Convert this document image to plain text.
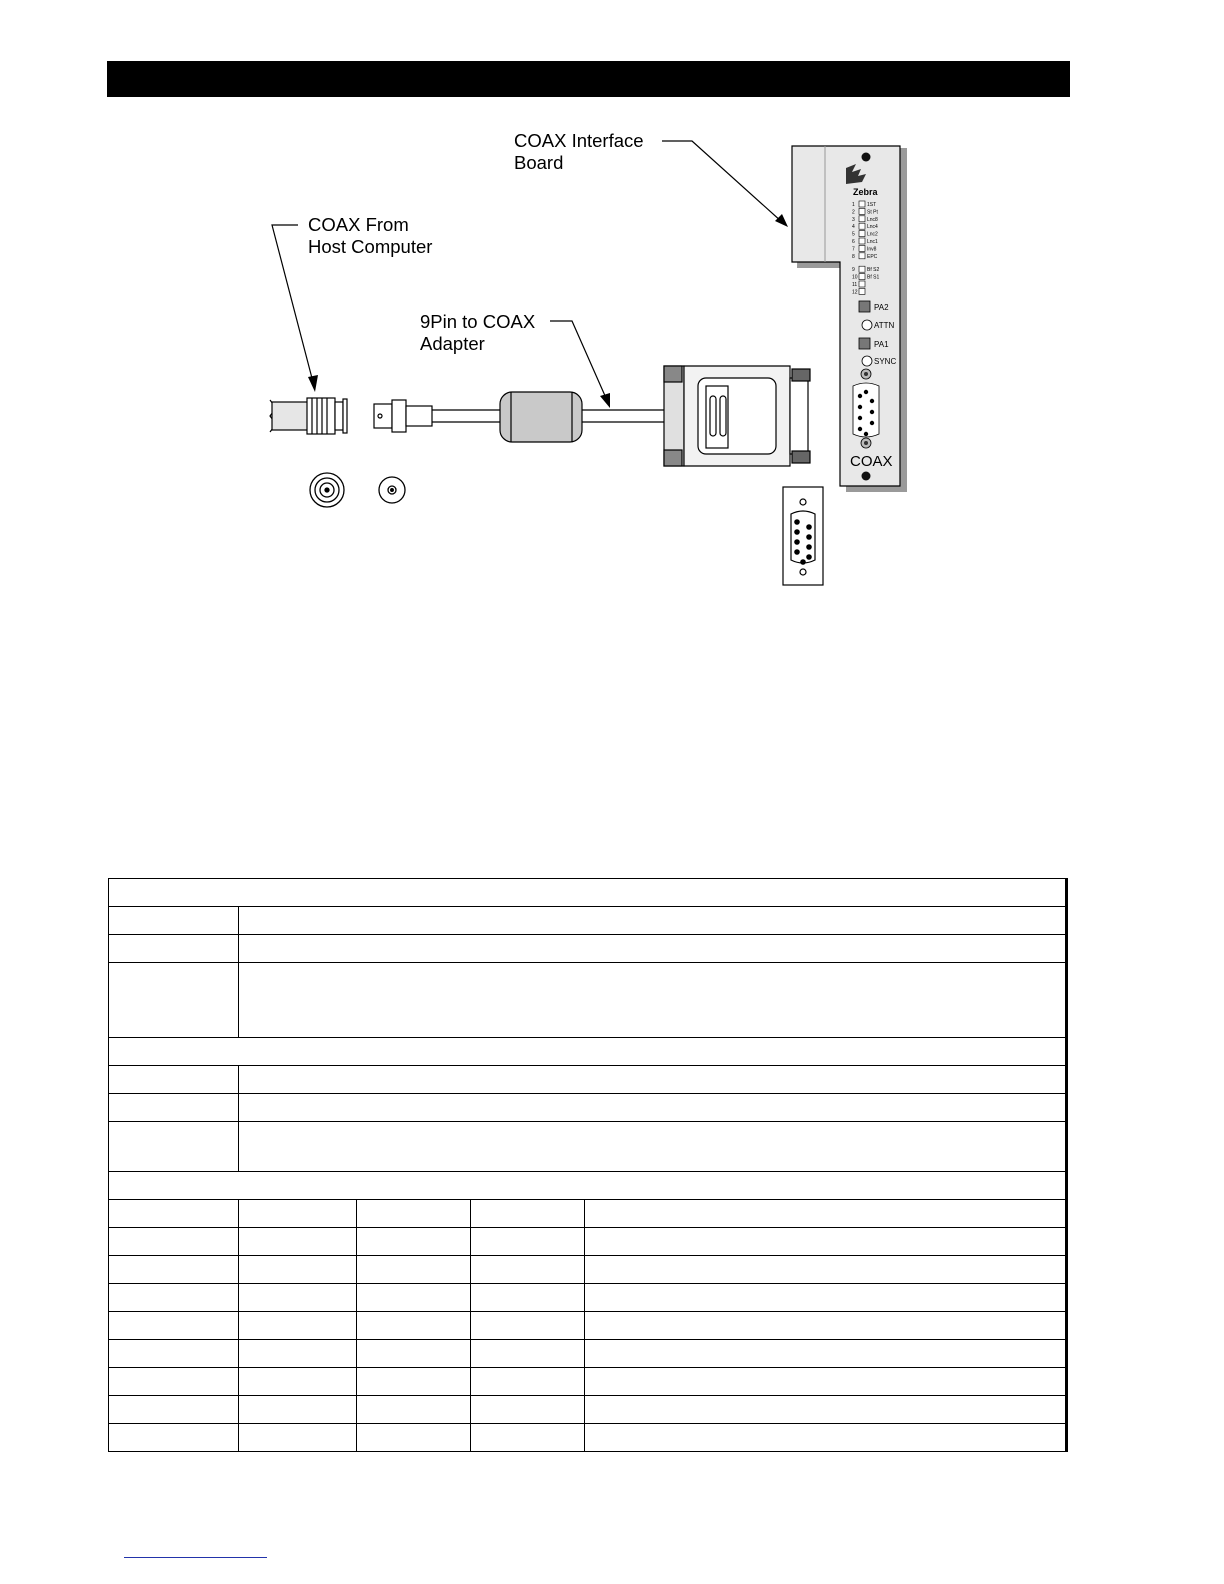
COAX Interface
Board
COAX From
Host Computer
9Pin to COAX
Adapter
Zebra
1 1ST
2 St Pt
3 Lnc8
4 Lnc4
5 Lnc2
6 Lnc1
7 Inv8
8 EPC
9 Bf S2
10 Bf S1
11
12
PA2
ATTN
PA1
SYNC
COAX
